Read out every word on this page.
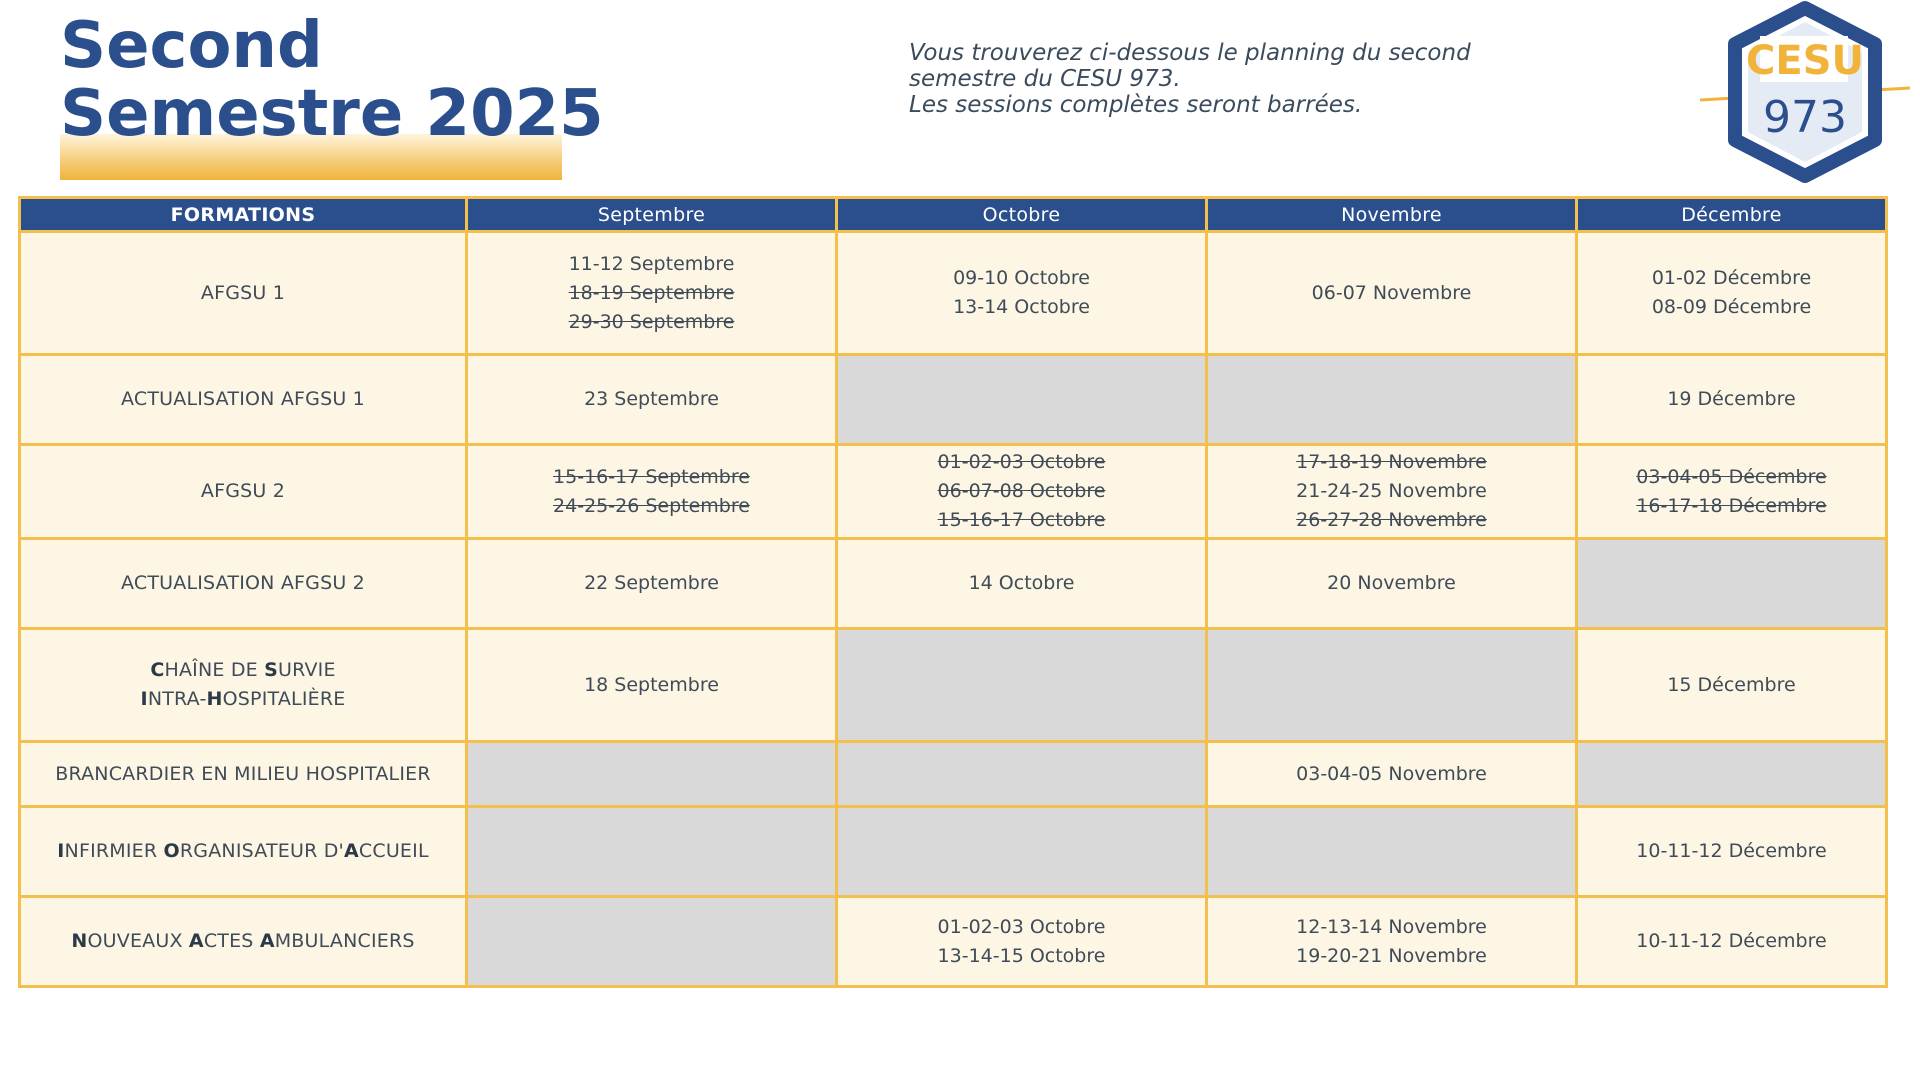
Second
Semestre 2025
Vous trouverez ci-dessous le planning du second
semestre du CESU 973.
Les sessions complètes seront barrées.
CESU
973
FORMATIONS	Septembre	Octobre	Novembre	Décembre
AFGSU 1	11-12 Septembre
18-19 Septembre
29-30 Septembre	09-10 Octobre
13-14 Octobre	06-07 Novembre	01-02 Décembre
08-09 Décembre

ACTUALISATION AFGSU 1	23 Septembre			19 Décembre

AFGSU 2	15-16-17 Septembre
24-25-26 Septembre	01-02-03 Octobre
06-07-08 Octobre
15-16-17 Octobre	17-18-19 Novembre
21-24-25 Novembre
26-27-28 Novembre	03-04-05 Décembre
16-17-18 Décembre

ACTUALISATION AFGSU 2	22 Septembre	14 Octobre	20 Novembre	

CHAÎNE DE SURVIE
INTRA-HOSPITALIÈRE	18 Septembre			15 Décembre

BRANCARDIER EN MILIEU HOSPITALIER			03-04-05 Novembre	

INFIRMIER ORGANISATEUR D'ACCUEIL				10-11-12 Décembre

NOUVEAUX ACTES AMBULANCIERS		01-02-03 Octobre
13-14-15 Octobre	12-13-14 Novembre
19-20-21 Novembre	10-11-12 Décembre
